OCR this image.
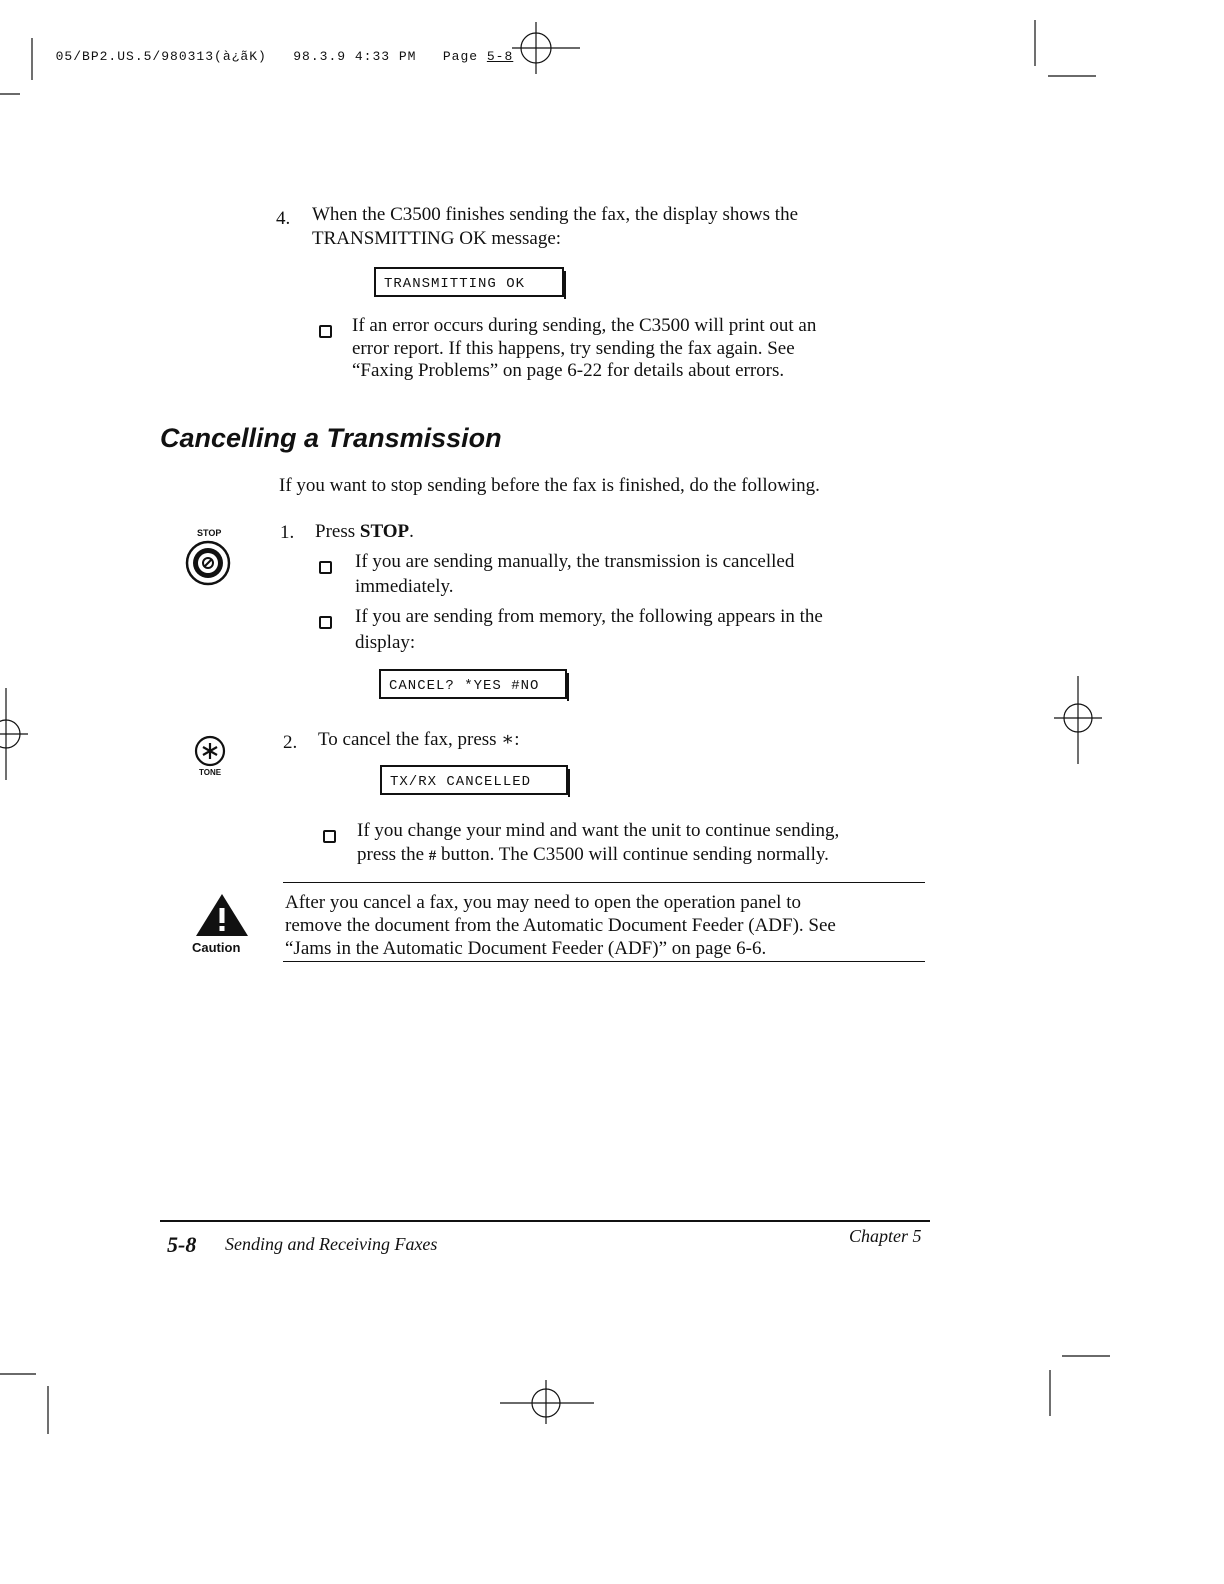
05/BP2.US.5/980313(à¿ãK)   98.3.9 4:33 PM   Page 5-8

4. When the C3500 finishes sending the fax, the display shows the
TRANSMITTING OK message:
TRANSMITTING OK
If an error occurs during sending, the C3500 will print out an
error report. If this happens, try sending the fax again. See
“Faxing Problems” on page 6-22 for details about errors.
Cancelling a Transmission
If you want to stop sending before the fax is finished, do the following.
STOP	1. Press STOP.
If you are sending manually, the transmission is cancelled
immediately.
If you are sending from memory, the following appears in the
display:
CANCEL? *YES #NO
TONE
2. To cancel the fax, press ∗:
TX/RX CANCELLED
If you change your mind and want the unit to continue sending,
press the # button. The C3500 will continue sending normally.
Caution
After you cancel a fax, you may need to open the operation panel to
remove the document from the Automatic Document Feeder (ADF). See
“Jams in the Automatic Document Feeder (ADF)” on page 6-6.
5-8 Sending and Receiving Faxes	Chapter 5
